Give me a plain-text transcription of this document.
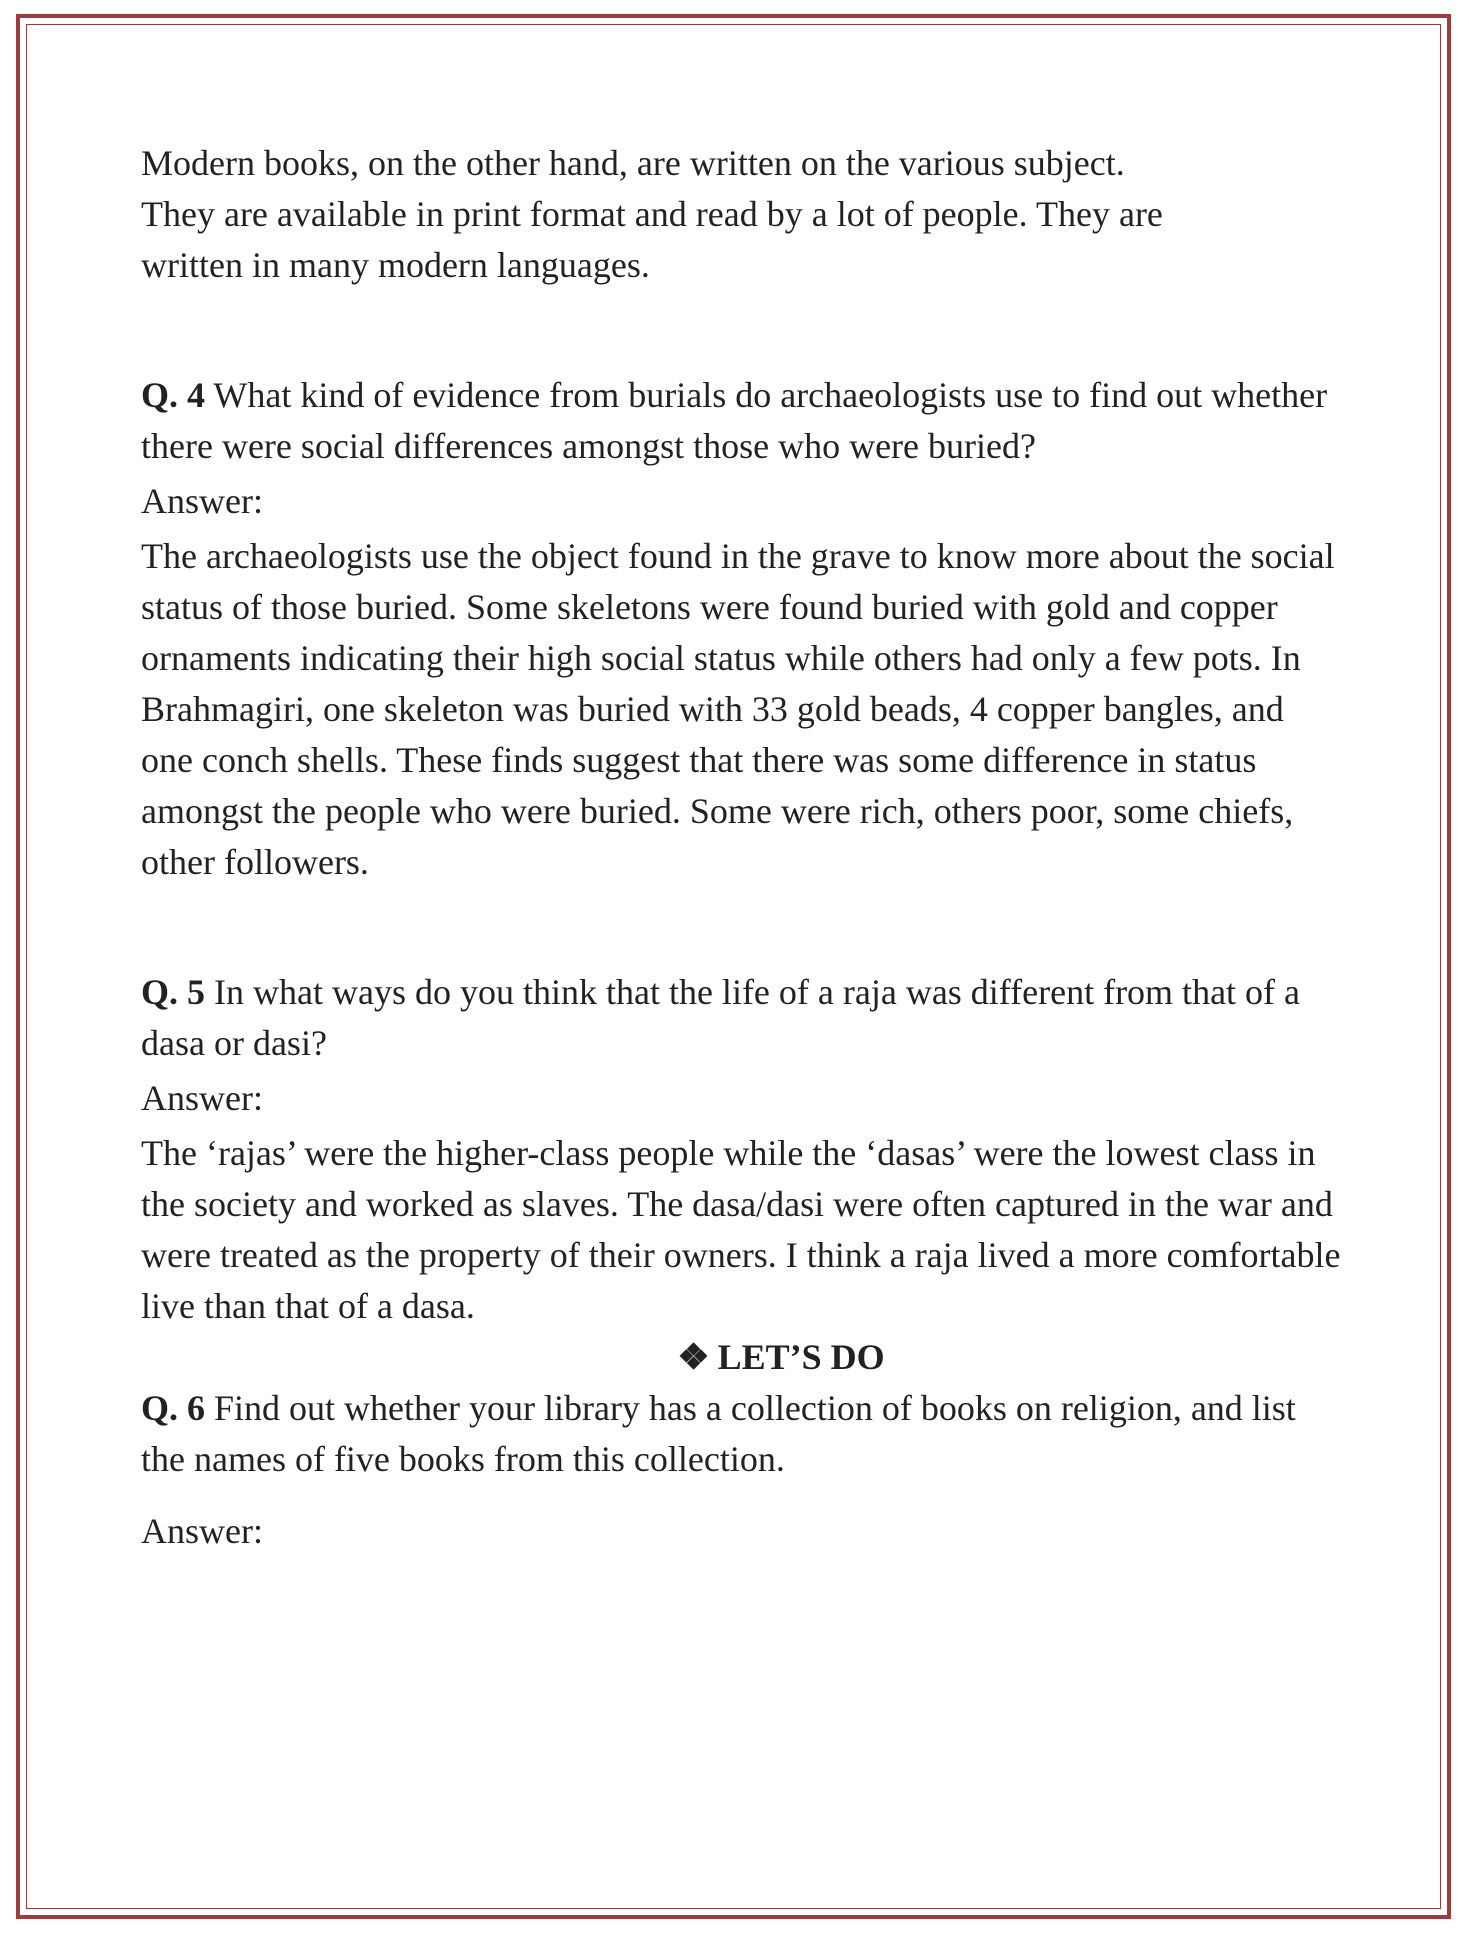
Modern books, on the other hand, are written on the various subject.

They are available in print format and read by a lot of people. They are

written in many modern languages.

Q. 4 What kind of evidence from burials do archaeologists use to find out whether there were social differences amongst those who were buried?

Answer:

The archaeologists use the object found in the grave to know more about the social status of those buried. Some skeletons were found buried with gold and copper ornaments indicating their high social status while others had only a few pots. In Brahmagiri, one skeleton was buried with 33 gold beads, 4 copper bangles, and one conch shells. These finds suggest that there was some difference in status amongst the people who were buried. Some were rich, others poor, some chiefs, other followers.

Q. 5 In what ways do you think that the life of a raja was different from that of a dasa or dasi?

Answer:

The ‘rajas’ were the higher-class people while the ‘dasas’ were the lowest class in the society and worked as slaves. The dasa/dasi were often captured in the war and were treated as the property of their owners. I think a raja lived a more comfortable live than that of a dasa.

❖ LET’S DO

Q. 6 Find out whether your library has a collection of books on religion, and list the names of five books from this collection.

Answer:
